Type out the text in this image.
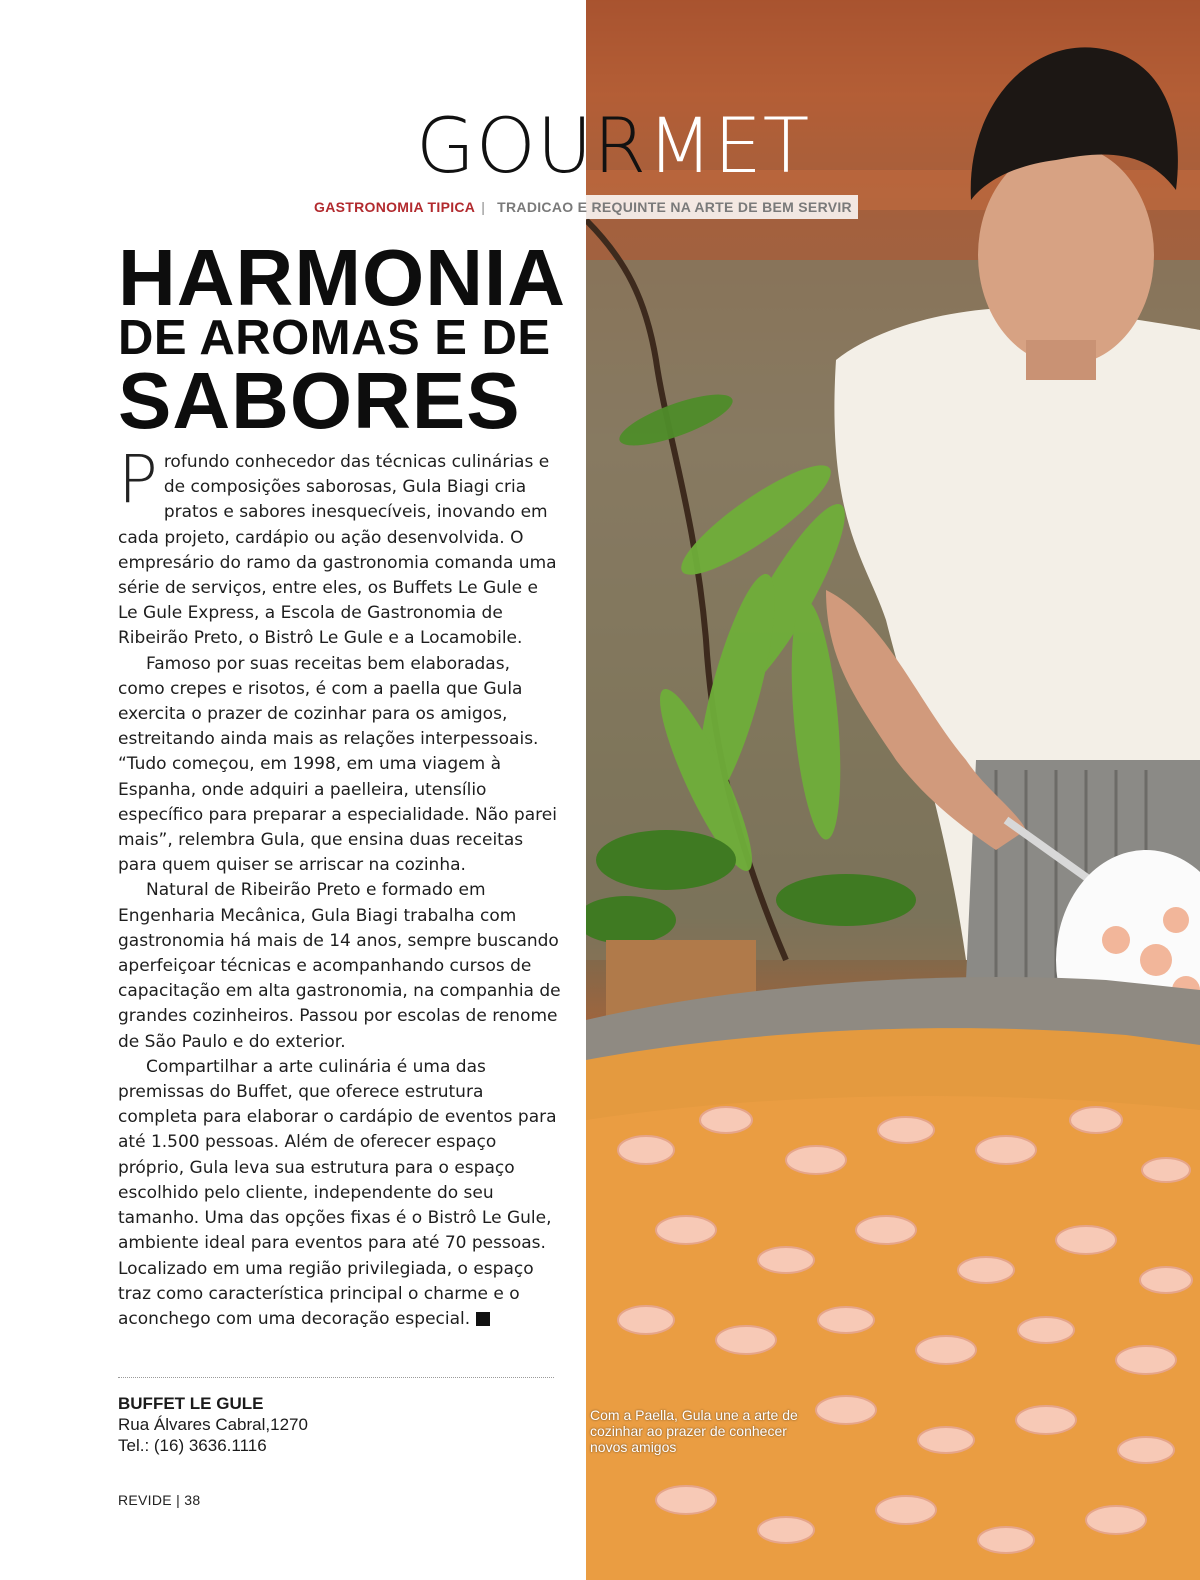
GOURMET
GASTRONOMIA TIPICA | TRADICAO E REQUINTE NA ARTE DE BEM SERVIR
HARMONIA
DE AROMAS E DE
SABORES

Profundo conhecedor das técnicas culinárias e de composições saborosas, Gula Biagi cria pratos e sabores inesquecíveis, inovando em cada projeto, cardápio ou ação desenvolvida. O empresário do ramo da gastronomia comanda uma série de serviços, entre eles, os Buffets Le Gule e Le Gule Express, a Escola de Gastronomia de Ribeirão Preto, o Bistrô Le Gule e a Locamobile.

Famoso por suas receitas bem elaboradas, como crepes e risotos, é com a paella que Gula exercita o prazer de cozinhar para os amigos, estreitando ainda mais as relações interpessoais. “Tudo começou, em 1998, em uma viagem à Espanha, onde adquiri a paelleira, utensílio específico para preparar a especialidade. Não parei mais”, relembra Gula, que ensina duas receitas para quem quiser se arriscar na cozinha.

Natural de Ribeirão Preto e formado em Engenharia Mecânica, Gula Biagi trabalha com gastronomia há mais de 14 anos, sempre buscando aperfeiçoar técnicas e acompanhando cursos de capacitação em alta gastronomia, na companhia de grandes cozinheiros. Passou por escolas de renome de São Paulo e do exterior.

Compartilhar a arte culinária é uma das premissas do Buffet, que oferece estrutura completa para elaborar o cardápio de eventos para até 1.500 pessoas. Além de oferecer espaço próprio, Gula leva sua estrutura para o espaço escolhido pelo cliente, independente do seu tamanho. Uma das opções fixas é o Bistrô Le Gule, ambiente ideal para eventos para até 70 pessoas. Localizado em uma região privilegiada, o espaço traz como característica principal o charme e o aconchego com uma decoração especial.	r

BUFFET LE GULE
Rua Álvares Cabral,1270
Tel.: (16) 3636.1116
REVIDE | 38
Com a Paella, Gula une a arte de cozinhar ao prazer de conhecer novos amigos
